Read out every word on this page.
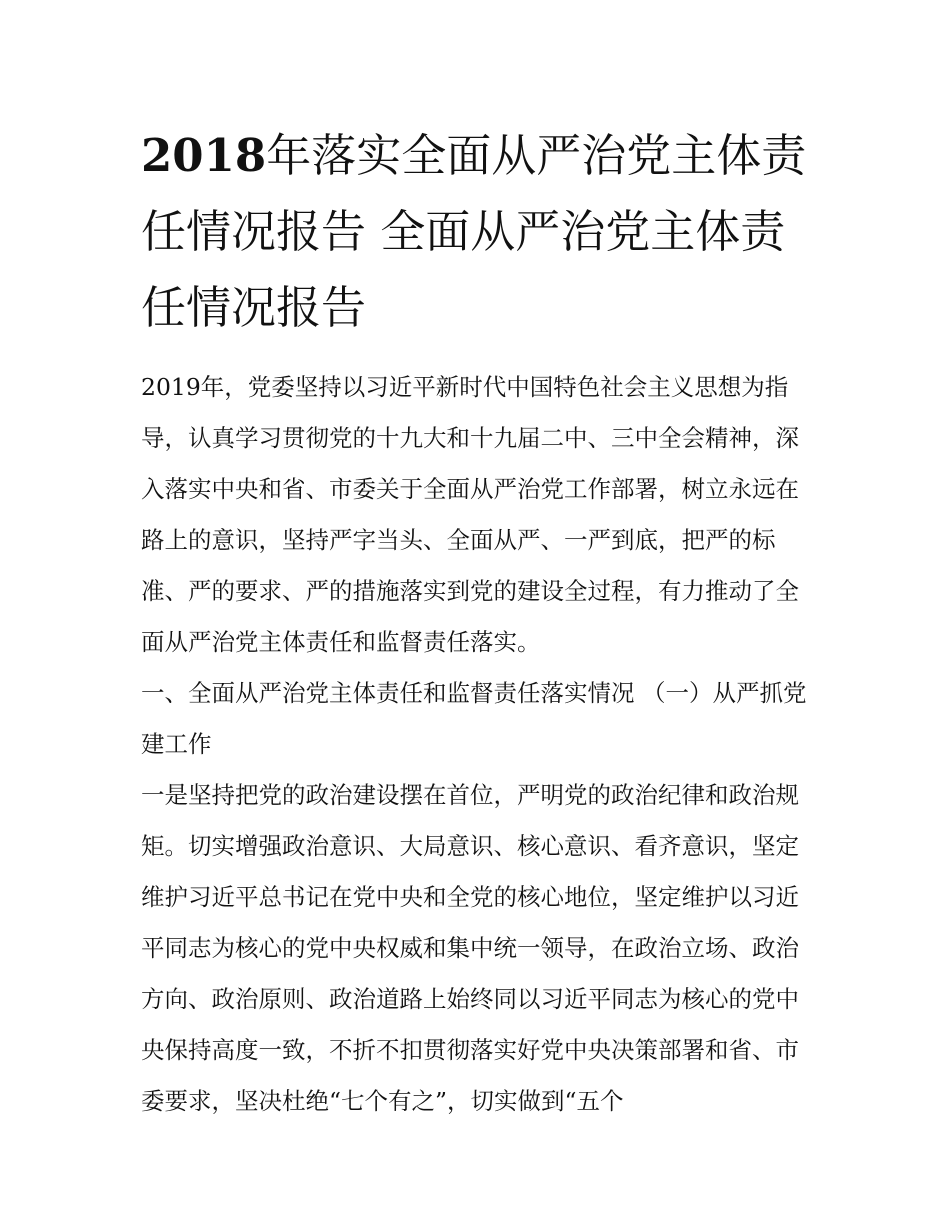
2018年落实全面从严治党主体责任情况报告 全面从严治党主体责任情况报告

2019年，党委坚持以习近平新时代中国特色社会主义思想为指导，认真学习贯彻党的十九大和十九届二中、三中全会精神，深入落实中央和省、市委关于全面从严治党工作部署，树立永远在路上的意识，坚持严字当头、全面从严、一严到底，把严的标准、严的要求、严的措施落实到党的建设全过程，有力推动了全面从严治党主体责任和监督责任落实。

一、全面从严治党主体责任和监督责任落实情况 （一）从严抓党建工作

一是坚持把党的政治建设摆在首位，严明党的政治纪律和政治规矩。切实增强政治意识、大局意识、核心意识、看齐意识，坚定维护习近平总书记在党中央和全党的核心地位，坚定维护以习近平同志为核心的党中央权威和集中统一领导，在政治立场、政治方向、政治原则、政治道路上始终同以习近平同志为核心的党中央保持高度一致，不折不扣贯彻落实好党中央决策部署和省、市委要求，坚决杜绝“七个有之”，切实做到“五个
